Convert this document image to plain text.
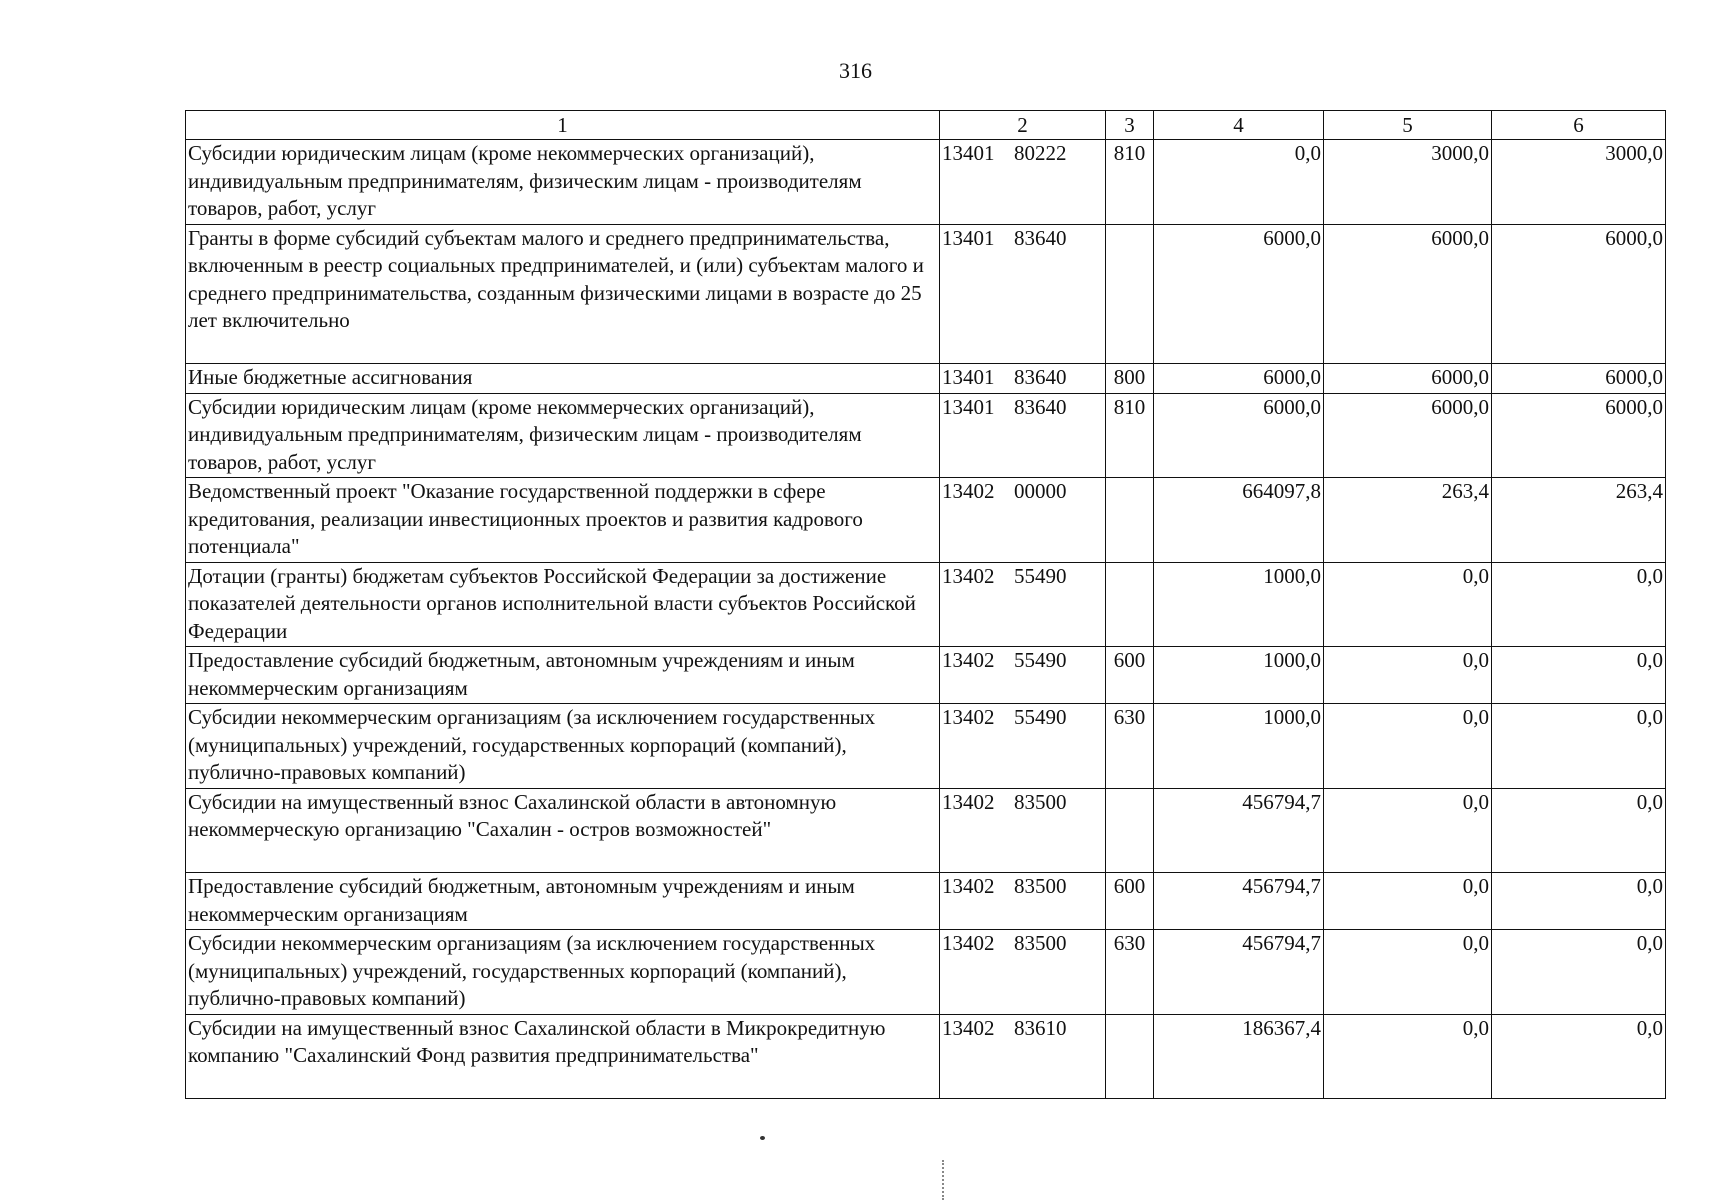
316
1	2	3	4	5	6
Субсидии юридическим лицам (кроме некоммерческих организаций), индивидуальным предпринимателям, физическим лицам - производителям товаров, работ, услуг	13401 80222	810	0,0	3000,0	3000,0
Гранты в форме субсидий субъектам малого и среднего предпринимательства, включенным в реестр социальных предпринимателей, и (или) субъектам малого и среднего предпринимательства, созданным физическими лицами в возрасте до 25 лет включительно	13401 83640		6000,0	6000,0	6000,0
Иные бюджетные ассигнования	13401 83640	800	6000,0	6000,0	6000,0
Субсидии юридическим лицам (кроме некоммерческих организаций), индивидуальным предпринимателям, физическим лицам - производителям товаров, работ, услуг	13401 83640	810	6000,0	6000,0	6000,0
Ведомственный проект "Оказание государственной поддержки в сфере кредитования, реализации инвестиционных проектов и развития кадрового потенциала"	13402 00000		664097,8	263,4	263,4
Дотации (гранты) бюджетам субъектов Российской Федерации за достижение показателей деятельности органов исполнительной власти субъектов Российской Федерации	13402 55490		1000,0	0,0	0,0
Предоставление субсидий бюджетным, автономным учреждениям и иным некоммерческим организациям	13402 55490	600	1000,0	0,0	0,0
Субсидии некоммерческим организациям (за исключением государственных (муниципальных) учреждений, государственных корпораций (компаний), публично-правовых компаний)	13402 55490	630	1000,0	0,0	0,0
Субсидии на имущественный взнос Сахалинской области в автономную некоммерческую организацию "Сахалин - остров возможностей"	13402 83500		456794,7	0,0	0,0
Предоставление субсидий бюджетным, автономным учреждениям и иным некоммерческим организациям	13402 83500	600	456794,7	0,0	0,0
Субсидии некоммерческим организациям (за исключением государственных (муниципальных) учреждений, государственных корпораций (компаний), публично-правовых компаний)	13402 83500	630	456794,7	0,0	0,0
Субсидии на имущественный взнос Сахалинской области в Микрокредитную компанию "Сахалинский Фонд развития предпринимательства"	13402 83610		186367,4	0,0	0,0
